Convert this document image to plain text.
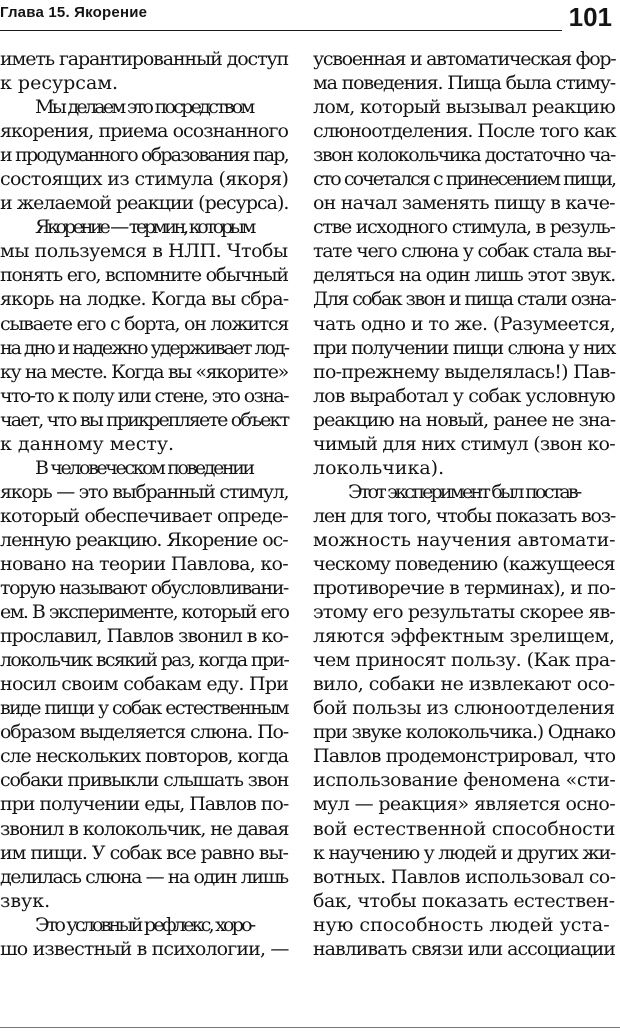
Глава 15. Якорение	101

иметь гарантированный доступ
к ресурсам.

Мы делаем это посредством
якорения, приема осознанного
и продуманного образования пар,
состоящих из стимула (якоря)
и желаемой реакции (ресурса).

Якорение — термин, которым
мы пользуемся в НЛП. Чтобы
понять его, вспомните обычный
якорь на лодке. Когда вы сбра-
сываете его с борта, он ложится
на дно и надежно удерживает лод-
ку на месте. Когда вы «якорите»
что-то к полу или стене, это озна-
чает, что вы прикрепляете объект
к данному месту.

В человеческом поведении
якорь — это выбранный стимул,
который обеспечивает опреде-
ленную реакцию. Якорение ос-
новано на теории Павлова, ко-
торую называют обусловливани-
ем. В эксперименте, который его
прославил, Павлов звонил в ко-
локольчик всякий раз, когда при-
носил своим собакам еду. При
виде пищи у собак естественным
образом выделяется слюна. По-
сле нескольких повторов, когда
собаки привыкли слышать звон
при получении еды, Павлов по-
звонил в колокольчик, не давая
им пищи. У собак все равно вы-
делилась слюна — на один лишь
звук.

Это условный рефлекс, хоро-
шо известный в психологии, —

усвоенная и автоматическая фор-
ма поведения. Пища была стиму-
лом, который вызывал реакцию
слюноотделения. После того как
звон колокольчика достаточно ча-
сто сочетался с принесением пищи,
он начал заменять пищу в каче-
стве исходного стимула, в резуль-
тате чего слюна у собак стала вы-
деляться на один лишь этот звук.
Для собак звон и пища стали озна-
чать одно и то же. (Разумеется,
при получении пищи слюна у них
по-прежнему выделялась!) Пав-
лов выработал у собак условную
реакцию на новый, ранее не зна-
чимый для них стимул (звон ко-
локольчика).

Этот эксперимент был постав-
лен для того, чтобы показать воз-
можность научения автомати-
ческому поведению (кажущееся
противоречие в терминах), и по-
этому его результаты скорее яв-
ляются эффектным зрелищем,
чем приносят пользу. (Как пра-
вило, собаки не извлекают осо-
бой пользы из слюноотделения
при звуке колокольчика.) Однако
Павлов продемонстрировал, что
использование феномена «сти-
мул — реакция» является осно-
вой естественной способности
к научению у людей и других жи-
вотных. Павлов использовал со-
бак, чтобы показать естествен-
ную способность людей уста-
навливать связи или ассоциации
